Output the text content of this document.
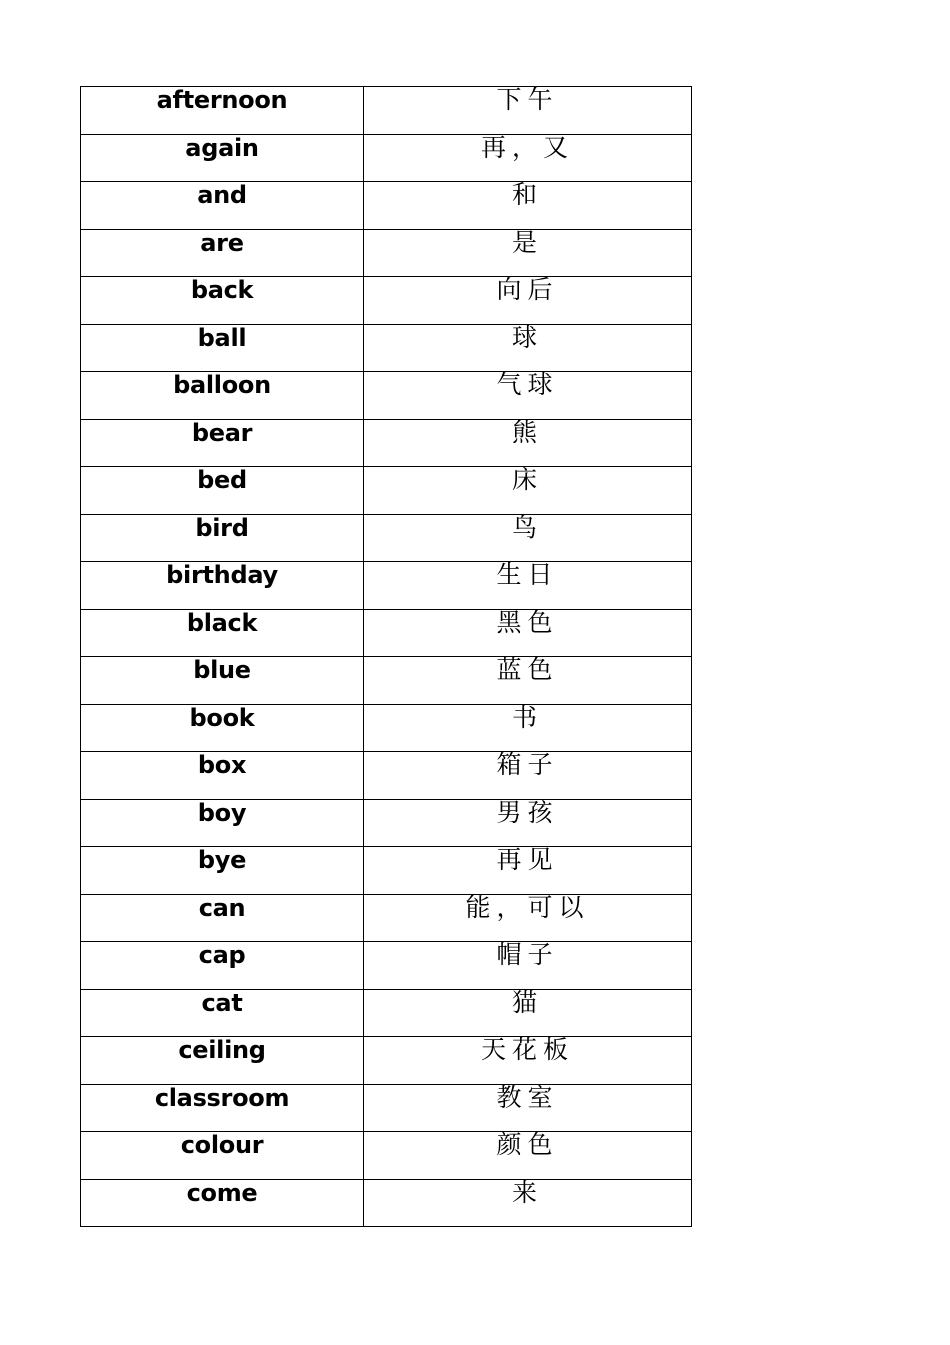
afternoon	下午
again	再，又
and	和
are	是
back	向后
ball	球
balloon	气球
bear	熊
bed	床
bird	鸟
birthday	生日
black	黑色
blue	蓝色
book	书
box	箱子
boy	男孩
bye	再见
can	能，可以
cap	帽子
cat	猫
ceiling	天花板
classroom	教室
colour	颜色
come	来
